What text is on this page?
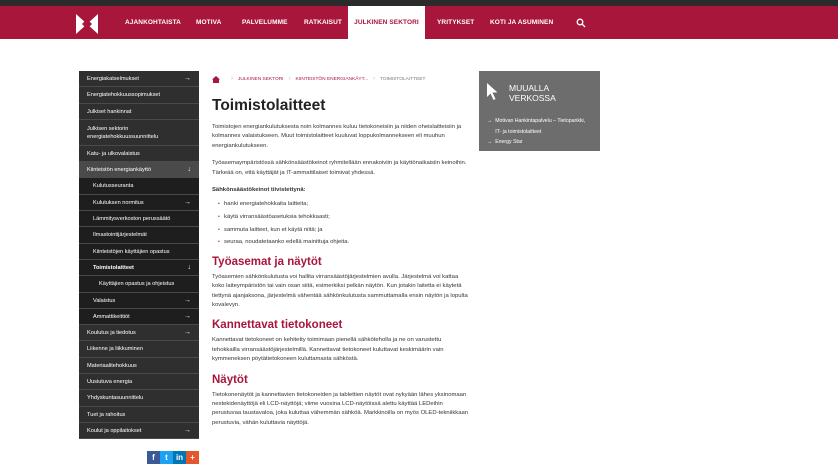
AJANKOHTAISTA MOTIVA	PALVELUMME	RATKAISUT	JULKINEN SEKTORI	YRITYKSET KOTI JA ASUMINEN
Energiakatselmukset	→
Energiatehokkuussopimukset
Julkiset hankinnat
Julkisen sektorin energiatehokkuussuunnittelu
Katu- ja ulkovalaistus
Kiinteistön energiankäyttö	↓
Kulutusseuranta
Kulutuksen normitus	→
Lämmitysverkoston perussäätö
Ilmastointijärjestelmät
Kiinteistöjen käyttäjien opastus
Toimistolaitteet	↓
Käyttäjien opastus ja ohjeistus
Valaistus	→
Ammattikeittiöt	→
Koulutus ja tiedotus	→
Liikenne ja liikkuminen
Materiaalitehokkuus
Uusiutuva energia
Yhdyskuntasuunnittelu
Tuet ja rahoitus
Koulut ja oppilaitokset	→
f	t	in +
› JULKINEN SEKTORI › KIINTEISTÖN ENERGIANKÄYT... › TOIMISTOLAITTEET
Toimistolaitteet

Toimistojen energiankulutuksesta noin kolmannes kuluu tietokoneisiin ja niiden oheislaitteisiin ja kolmannes valaistukseen. Muut toimistolaitteet kuuluvat loppukolmannekseen eli muuhun energiankulutukseen.

Työasemaympäristössä sähkönsäästökeinot ryhmitellään ennakoiviin ja käyttönaikaisiin keinoihin. Tärkeää on, että käyttäjät ja IT-ammattilaiset toimivat yhdessä.

Sähkönsäästökeinot tiivistettynä:

• hanki energiatehokkaita laitteita;
• käytä virransäästöasetuksia tehokkaasti;
• sammuta laitteet, kun et käytä niitä; ja
• seuraa, noudatetaanko edellä mainittuja ohjeita.
Työasemat ja näytöt

Työasemien sähkönkulutusta voi hallita virransäästöjärjestelmien avulla. Järjestelmä voi kattaa koko laiteympäristön tai vain osan siitä, esimerkiksi pelkän näytön. Kun jotakin laitetta ei käytetä tiettynä ajanjaksona, järjestelmä vähentää sähkönkulutusta sammuttamalla ensin näytön ja lopulta kovalevyn.

Kannettavat tietokoneet

Kannettavat tietokoneet on kehitetty toimimaan pienellä sähköteholla ja ne on varustettu tehokkailla virransäästöjärjestelmillä. Kannettavat tietokoneet kuluttavat keskimäärin vain kymmeneksen pöytätietokoneen kuluttamasta sähköstä.

Näytöt

Tietokonenäytöt ja kannettavien tietokoneiden ja tablettien näytöt ovat nykyään lähes yksinomaan nestekidenäyttöjä eli LCD-näyttöjä; viime vuosina LCD-näytöissä alettu käyttää LEDeihin perustuvaa taustavaloa, joka kuluttaa vähemmän sähköä. Markkinoilla on myös OLED-tekniikkaan perustuvia, vähän kuluttavia näyttöjä.

MUUALLA VERKOSSA
→ Motivan Hankintapalvelu – Tietopankki, IT- ja toimistolaitteet
→ Energy Star
